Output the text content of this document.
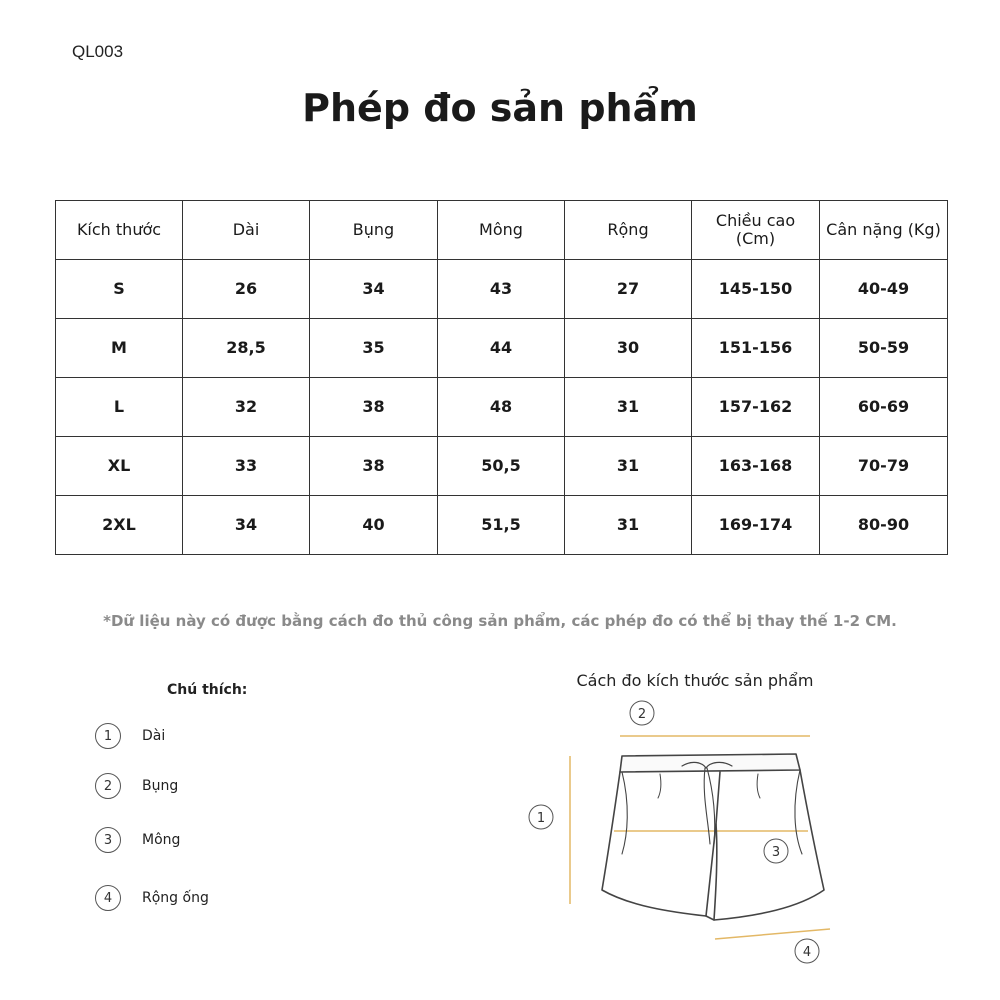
QL003
Phép đo sản phẩm
Kích thước	Dài	Bụng	Mông	Rộng	Chiều cao (Cm)	Cân nặng (Kg)
S	26	34	43	27	145-150	40-49
M	28,5	35	44	30	151-156	50-59
L	32	38	48	31	157-162	60-69
XL	33	38	50,5	31	163-168	70-79
2XL	34	40	51,5	31	169-174	80-90
*Dữ liệu này có được bằng cách đo thủ công sản phẩm, các phép đo có thể bị thay thế 1-2 CM.
Chú thích:
1	Dài
2	Bụng
3	Mông
4	Rộng ống
Cách đo kích thước sản phẩm
2
1
3
4
